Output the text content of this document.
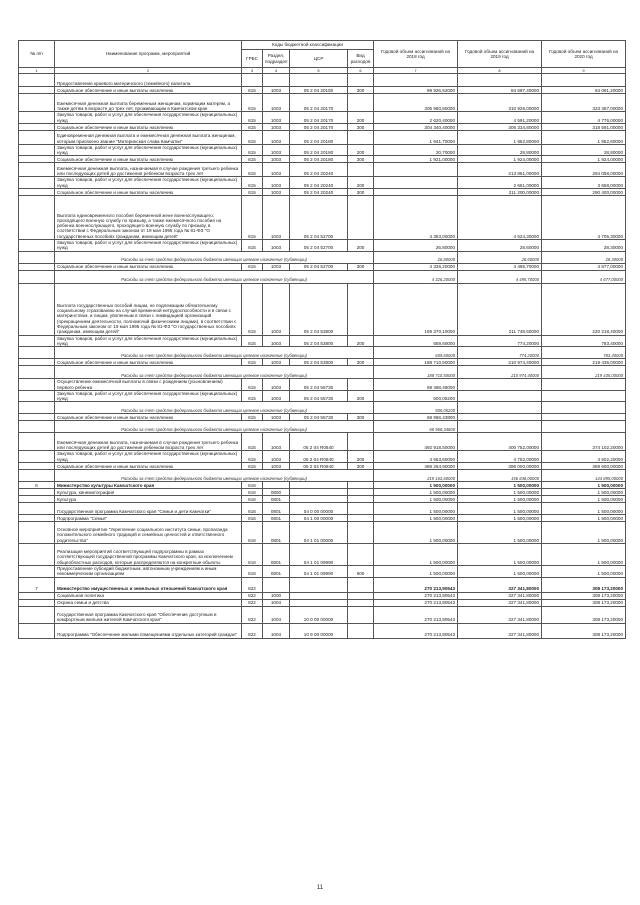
№ п/п	Наименование программ, мероприятий	Коды бюджетной классификации				Годовой объем ассигнований на 2018 год	Годовой объем ассигнований на 2019 год	Годовой объем ассигнований на 2020 год
		ГРБС	Раздел, подраздел	ЦСР	Вид расходов			
1	2	3	4	5	6	7	8	9
	Предоставление краевого материнского (семейного) капитала							
	Социальное обеспечение и иные выплаты населению	815	1003	05 2 04 20150	300	99 926,52000	84 697,40000	84 061,20000
	Ежемесячная денежная выплата беременным женщинам, кормящим матерям, а также детям в возрасте до трех лет, проживающим в Камчатском крае	815	1003	05 2 04 20170		306 960,80000	310 926,00000	323 367,00000
	Закупка товаров, работ и услуг для обеспечения государственных (муниципальных) нужд	815	1003	05 2 04 20170	200	2 620,40000	4 591,20000	4 776,00000
	Социальное обеспечение и иные выплаты населению	815	1003	05 2 04 20170	300	304 340,40000	306 334,80000	318 591,00000
	Единовременная денежная выплата и ежемесячная денежная выплата женщинам, которым присвоено звание "Материнская слава Камчатки"	815	1003	05 2 04 20180		1 941,70000	1 952,80000	1 952,80000
	Закупка товаров, работ и услуг для обеспечения государственных (муниципальных) нужд	815	1003	05 2 04 20180	200	20,70000	28,80000	28,80000
	Социальное обеспечение и иные выплаты населению	815	1003	05 2 04 20180	300	1 921,00000	1 924,00000	1 924,00000
	Ежемесячная денежная выплата, назначаемая в случае рождения третьего ребенка или последующих детей до достижения ребенком возраста трех лет	815	1003	05 2 04 20240			213 861,00000	294 058,00000
	Закупка товаров, работ и услуг для обеспечения государственных (муниципальных) нужд	815	1003	05 2 04 20240	200		2 661,00000	3 658,00000
	Социальное обеспечение и иные выплаты населению	815	1003	05 2 04 20240	300		211 200,00000	290 400,00000
	Выплата единовременного пособия беременной жене военнослужащего, проходящего военную службу по призыву, а также ежемесячного пособия на ребенка военнослужащего, проходящего военную службу по призыву, в соответствии с Федеральным законом от 19 мая 1995 года № 81-ФЗ "О государственных пособиях гражданам, имеющим детей"	815	1003	05 2 04 52700		4 353,00000	4 524,30000	4 705,30000
	Закупка товаров, работ и услуг для обеспечения государственных (муниципальных) нужд	815	1003	05 2 04 52700	200	26,80000	28,60000	28,30000
	Расходы за счет средств федерального бюджета имеющих целевое назначение (субвенции)					26,80000	28,60000	28,30000
	Социальное обеспечение и иные выплаты населению	815	1003	05 2 04 52700	300	4 326,20000	4 495,70000	4 677,00000
	Расходы за счет средств федерального бюджета имеющих целевое назначение (субвенции)					4 326,20000	4 495,70000	4 677,00000
	Выплата государственных пособий лицам, не подлежащим обязательному социальному страхованию на случай временной нетрудоспособности и в связи с материнством, и лицам, уволенным в связи с ликвидацией организаций (прекращением деятельности, полномочий физическими лицами), в соответствии с Федеральным законом от 19 мая 1995 года № 81-ФЗ "О государственных пособиях гражданам, имеющим детей"	815	1003	05 2 04 53800		189 370,10000	211 748,60000	220 218,40000
	Закупка товаров, работ и услуг для обеспечения государственных (муниципальных) нужд	815	1003	05 2 04 53800	200	659,60000	774,20000	783,40000
	Расходы за счет средств федерального бюджета имеющих целевое назначение (субвенции)					659,60000	774,20000	783,40000
	Социальное обеспечение и иные выплаты населению	815	1003	05 2 04 53800	300	188 710,50000	210 974,40000	219 435,00000
	Расходы за счет средств федерального бюджета имеющих целевое назначение (субвенции)					188 710,50000	210 974,40000	219 435,00000
	Осуществление ежемесячной выплаты в связи с рождением (усыновлением) первого ребенка	815	1003	05 2 04 55730		69 468,49000		
	Закупка товаров, работ и услуг для обеспечения государственных (муниципальных) нужд	815	1003	05 2 04 55730	200	500,05200		
	Расходы за счет средств федерального бюджета имеющих целевое назначение (субвенции)					500,05200		
	Социальное обеспечение и иные выплаты населению	815	1003	05 2 04 55730	300	68 968,43800		
	Расходы за счет средств федерального бюджета имеющих целевое назначение (субвенции)					68 968,34800		
	Ежемесячная денежная выплата, назначаемая в случае рождения третьего ребенка или последующих детей до достижения ребенком возраста трех лет	815	1003	05 2 04 R0840		492 918,50000	400 752,00000	374 102,20000
	Закупка товаров, работ и услуг для обеспечения государственных (муниципальных) нужд	815	1003	05 2 04 R0840	200	4 653,60000	4 752,00000	4 502,20000
	Социальное обеспечение и иные выплаты населению	815	1003	05 2 04 R0840	300	488 264,90000	396 000,00000	369 600,00000
	Расходы за счет средств федерального бюджета имеющих целевое назначение (субвенции)					219 163,60000	156 838,00000	144 895,00000
6	Министерство культуры Камчатского края	816				1 500,00000	1 500,00000	1 500,00000
	Культура, кинематография	816	0800			1 500,00000	1 500,00000	1 500,00000
	Культура	816	0801			1 500,00000	1 500,00000	1 500,00000
	Государственная программа Камчатского края "Семья и дети Камчатки"	816	0801	04 0 00 00000		1 500,00000	1 500,00000	1 500,00000
	Подпрограмма "Семья"	816	0801	04 1 00 00000		1 500,00000	1 500,00000	1 500,00000
	Основное мероприятие "Укрепление социального института семьи, пропаганда положительного семейного традиций и семейных ценностей и ответственного родительства"	816	0801	04 1 01 00000		1 500,00000	1 500,00000	1 500,00000
	Реализация мероприятий соответствующей подпрограммы в рамках соответствующей государственной программы Камчатского края, за исключением общеобластных расходов, которые распределяются на конкретные объекты	816	0801	04 1 01 09990		1 500,00000	1 500,00000	1 500,00000
	Предоставление субсидий бюджетным, автономным учреждениям и иным некоммерческим организациям	816	0801	04 1 01 09990	600	1 500,00000	1 500,00000	1 500,00000
7	Министерство имущественных и земельных отношений Камчатского края	822				270 213,90543	327 341,80000	308 173,20000
	Социальная политика	822	1000			270 213,90543	327 341,80000	308 173,20000
	Охрана семьи и детства	822	1004			270 213,90543	327 341,80000	308 173,20000
	Государственная программа Камчатского края "Обеспечение доступным и комфортным жильем жителей Камчатского края"	822	1004	10 0 00 00000		270 213,90543	327 341,80000	308 173,20000
	Подпрограмма "Обеспечение жилыми помещениями отдельных категорий граждан"	822	1004	10 9 00 00000		270 213,90543	327 341,80000	308 173,20000
11
